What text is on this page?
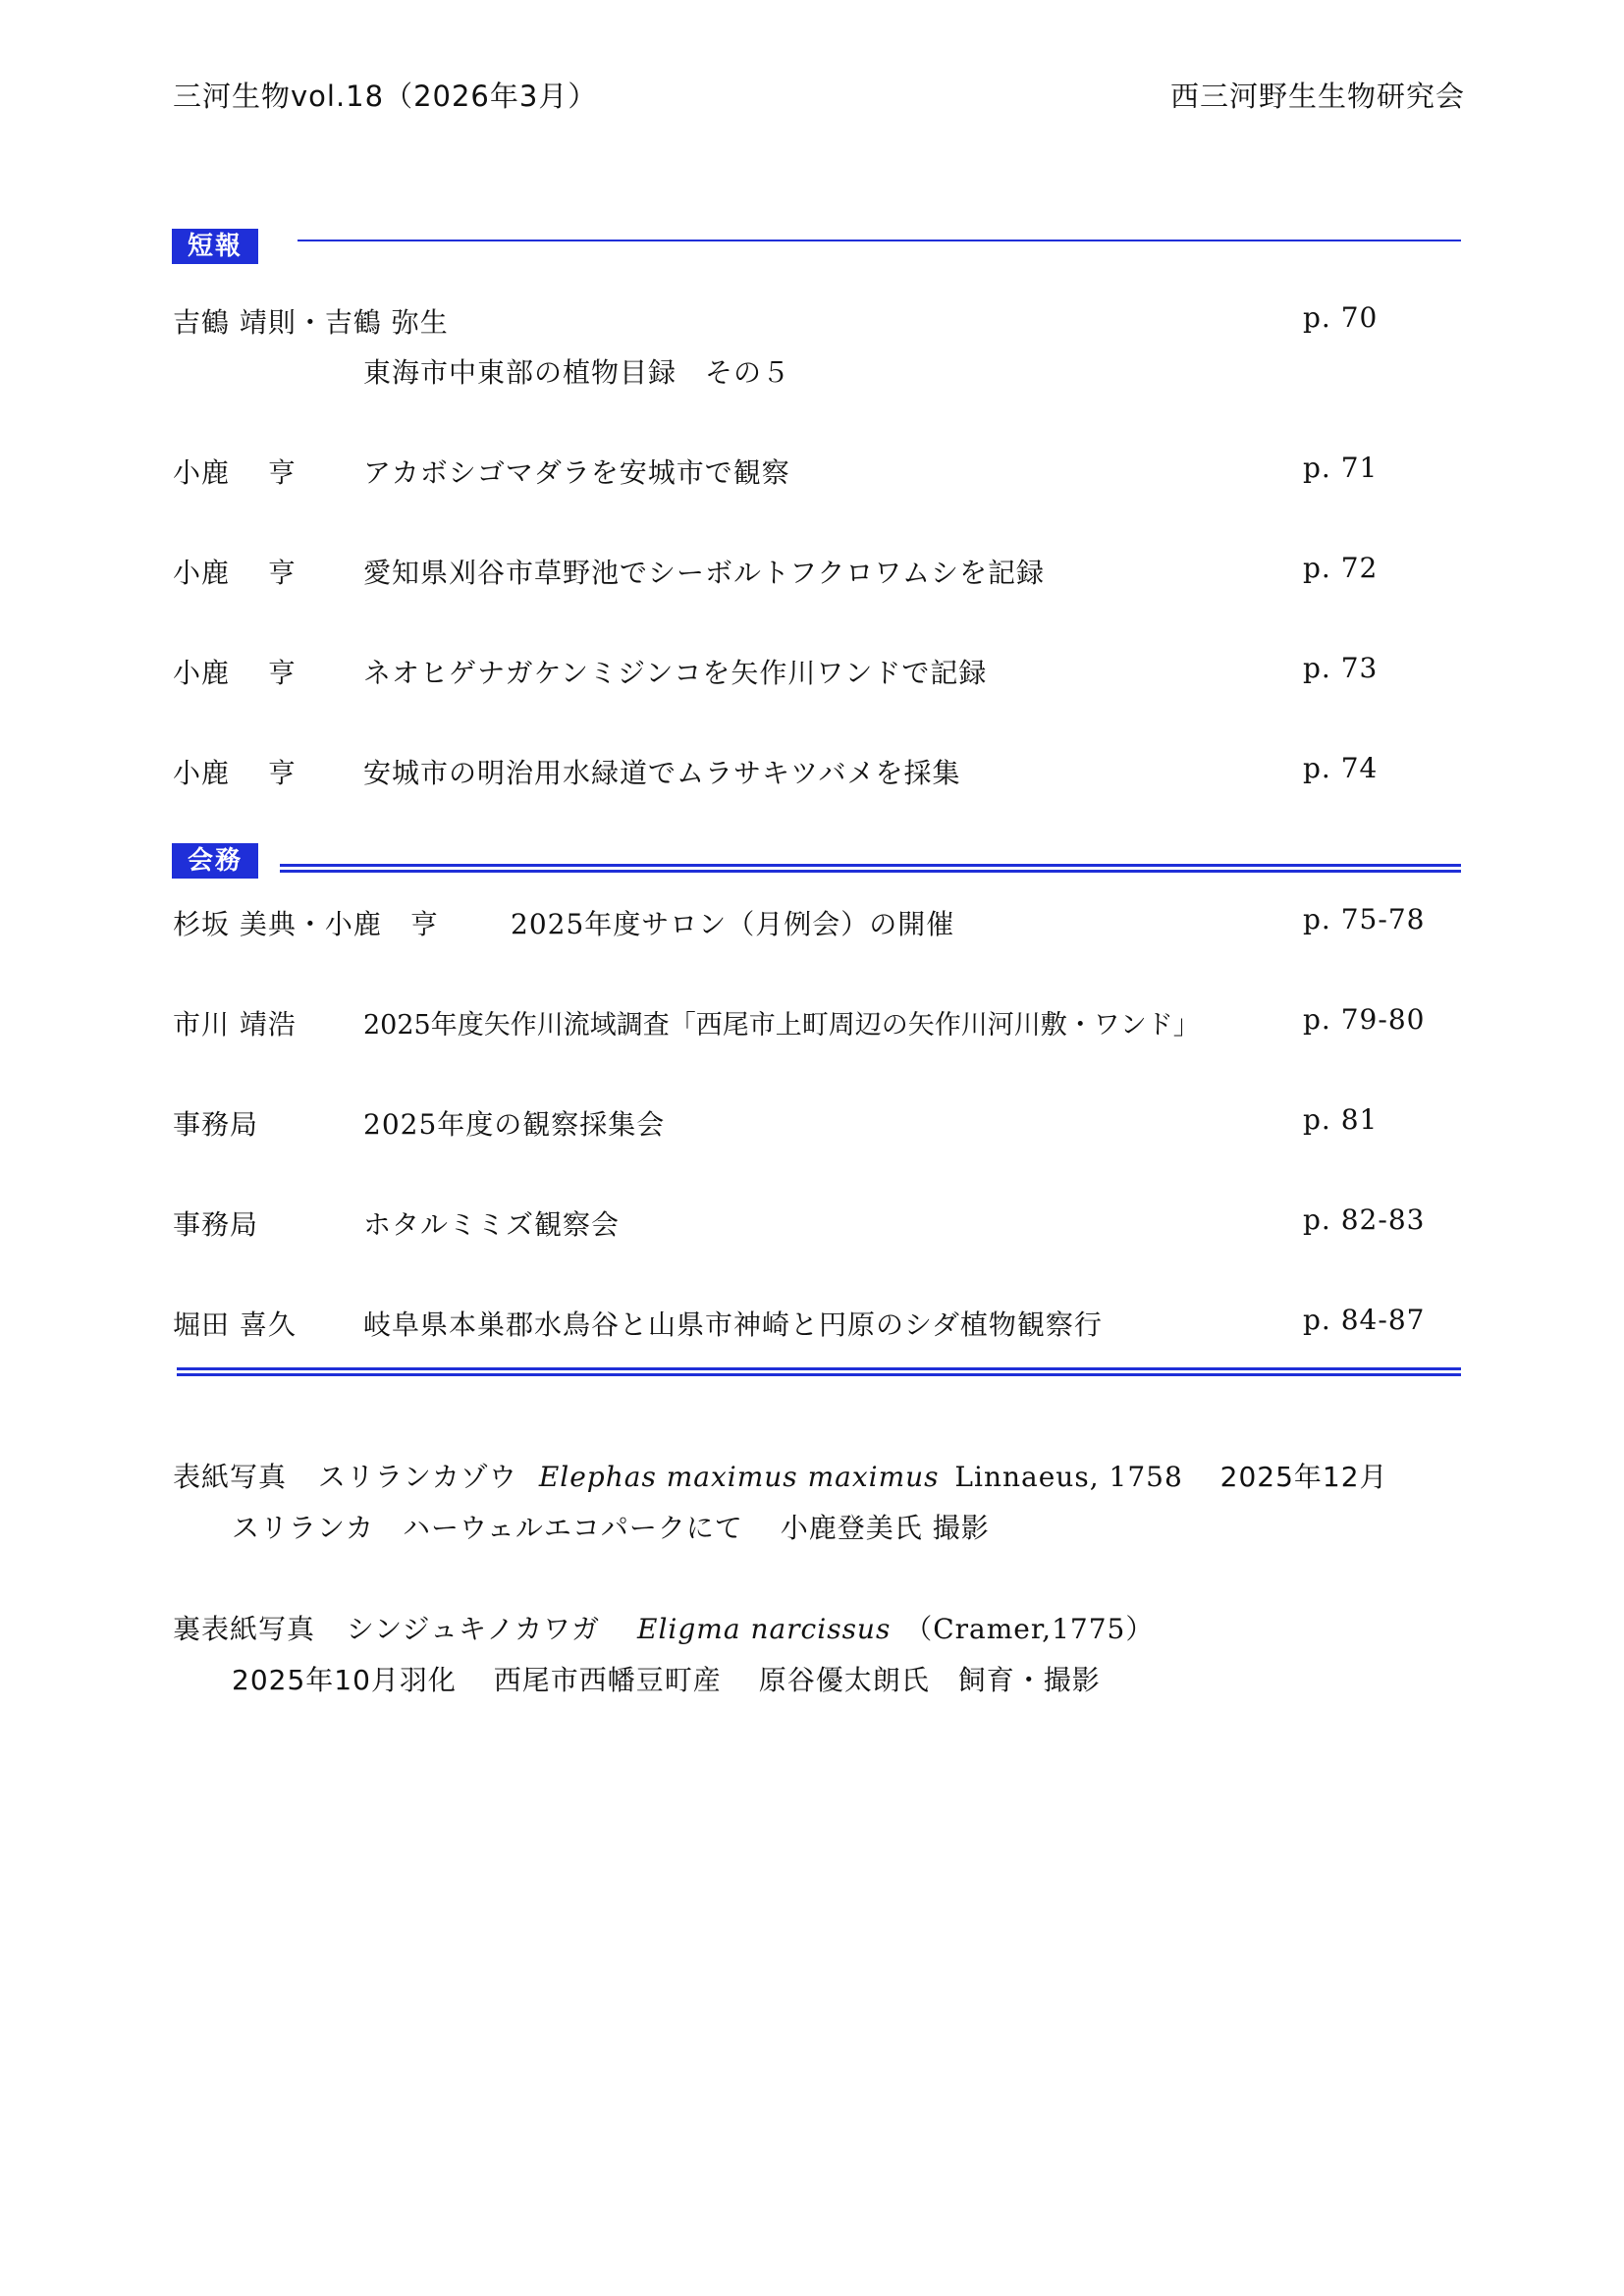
三河生物vol.18（2026年3月）	西三河野生生物研究会
短報
吉鶴 靖則・吉鶴 弥生	p. 70
東海市中東部の植物目録　その５
小鹿　 亨 アカボシゴマダラを安城市で観察	p. 71
小鹿　 亨 愛知県刈谷市草野池でシーボルトフクロワムシを記録	p. 72
小鹿　 亨 ネオヒゲナガケンミジンコを矢作川ワンドで記録	p. 73
小鹿　 亨 安城市の明治用水緑道でムラサキツバメを採集	p. 74
会務
杉坂 美典・小鹿　亨	2025年度サロン（月例会）の開催	p. 75-78
市川 靖浩	2025年度矢作川流域調査「西尾市上町周辺の矢作川河川敷・ワンド」	p. 79-80
事務局	2025年度の観察採集会	p. 81
事務局	ホタルミミズ観察会	p. 82-83
堀田 喜久 岐阜県本巣郡水鳥谷と山県市神崎と円原のシダ植物観察行	p. 84-87
表紙写真 スリランカゾウ Elephas maximus maximus Linnaeus, 1758 2025年12月
スリランカ　ハーウェルエコパークにて 小鹿登美氏 撮影
裏表紙写真 シンジュキノカワガ Eligma narcissus （Cramer,1775）
2025年10月羽化 西尾市西幡豆町産 原谷優太朗氏　飼育・撮影
